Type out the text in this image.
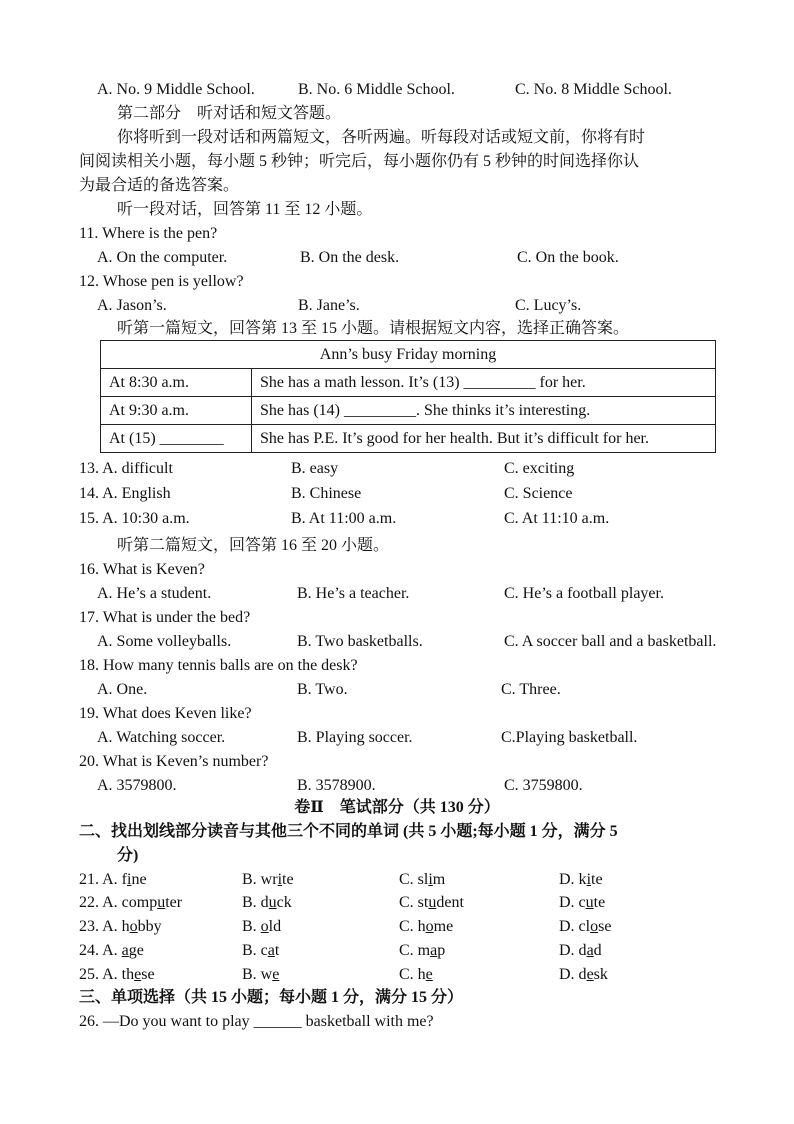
A. No. 9 Middle School.	B. No. 6 Middle School.	C. No. 8 Middle School.
第二部分　听对话和短文答题。
你将听到一段对话和两篇短文，各听两遍。听每段对话或短文前，你将有时
间阅读相关小题，每小题 5 秒钟；听完后，每小题你仍有 5 秒钟的时间选择你认
为最合适的备选答案。
听一段对话，回答第 11 至 12 小题。
11. Where is the pen?
A. On the computer.	B. On the desk.	C. On the book.
12. Whose pen is yellow?
A. Jason’s.	B. Jane’s.	C. Lucy’s.
听第一篇短文，回答第 13 至 15 小题。请根据短文内容，选择正确答案。
Ann’s busy Friday morning	
At 8:30 a.m.	She has a math lesson. It’s (13) _________ for her.
At 9:30 a.m.	She has (14) _________. She thinks it’s interesting.
At (15) ________	She has P.E. It’s good for her health. But it’s difficult for her.
13. A. difficult	B. easy	C. exciting
14. A. English	B. Chinese	C. Science
15. A. 10:30 a.m.	B. At 11:00 a.m.	C. At 11:10 a.m.
听第二篇短文，回答第 16 至 20 小题。
16. What is Keven?
A. He’s a student.	B. He’s a teacher.	C. He’s a football player.
17. What is under the bed?
A. Some volleyballs.	B. Two basketballs.	C. A soccer ball and a basketball.
18. How many tennis balls are on the desk?
A. One.	B. Two.	C. Three.
19. What does Keven like?
A. Watching soccer.	B. Playing soccer.	C.Playing basketball.
20. What is Keven’s number?
A. 3579800.	B. 3578900.	C. 3759800.
卷Ⅱ　笔试部分（共 130 分）
二、找出划线部分读音与其他三个不同的单词 (共 5 小题;每小题 1 分，满分 5
分)
21. A. fine	B. write	C. slim	D. kite
22. A. computer	B. duck	C. student	D. cute
23. A. hobby	B. old	C. home	D. close
24. A. age	B. cat	C. map	D. dad
25. A. these	B. we	C. he	D. desk
三、单项选择（共 15 小题；每小题 1 分，满分 15 分）
26. —Do you want to play ______ basketball with me?
